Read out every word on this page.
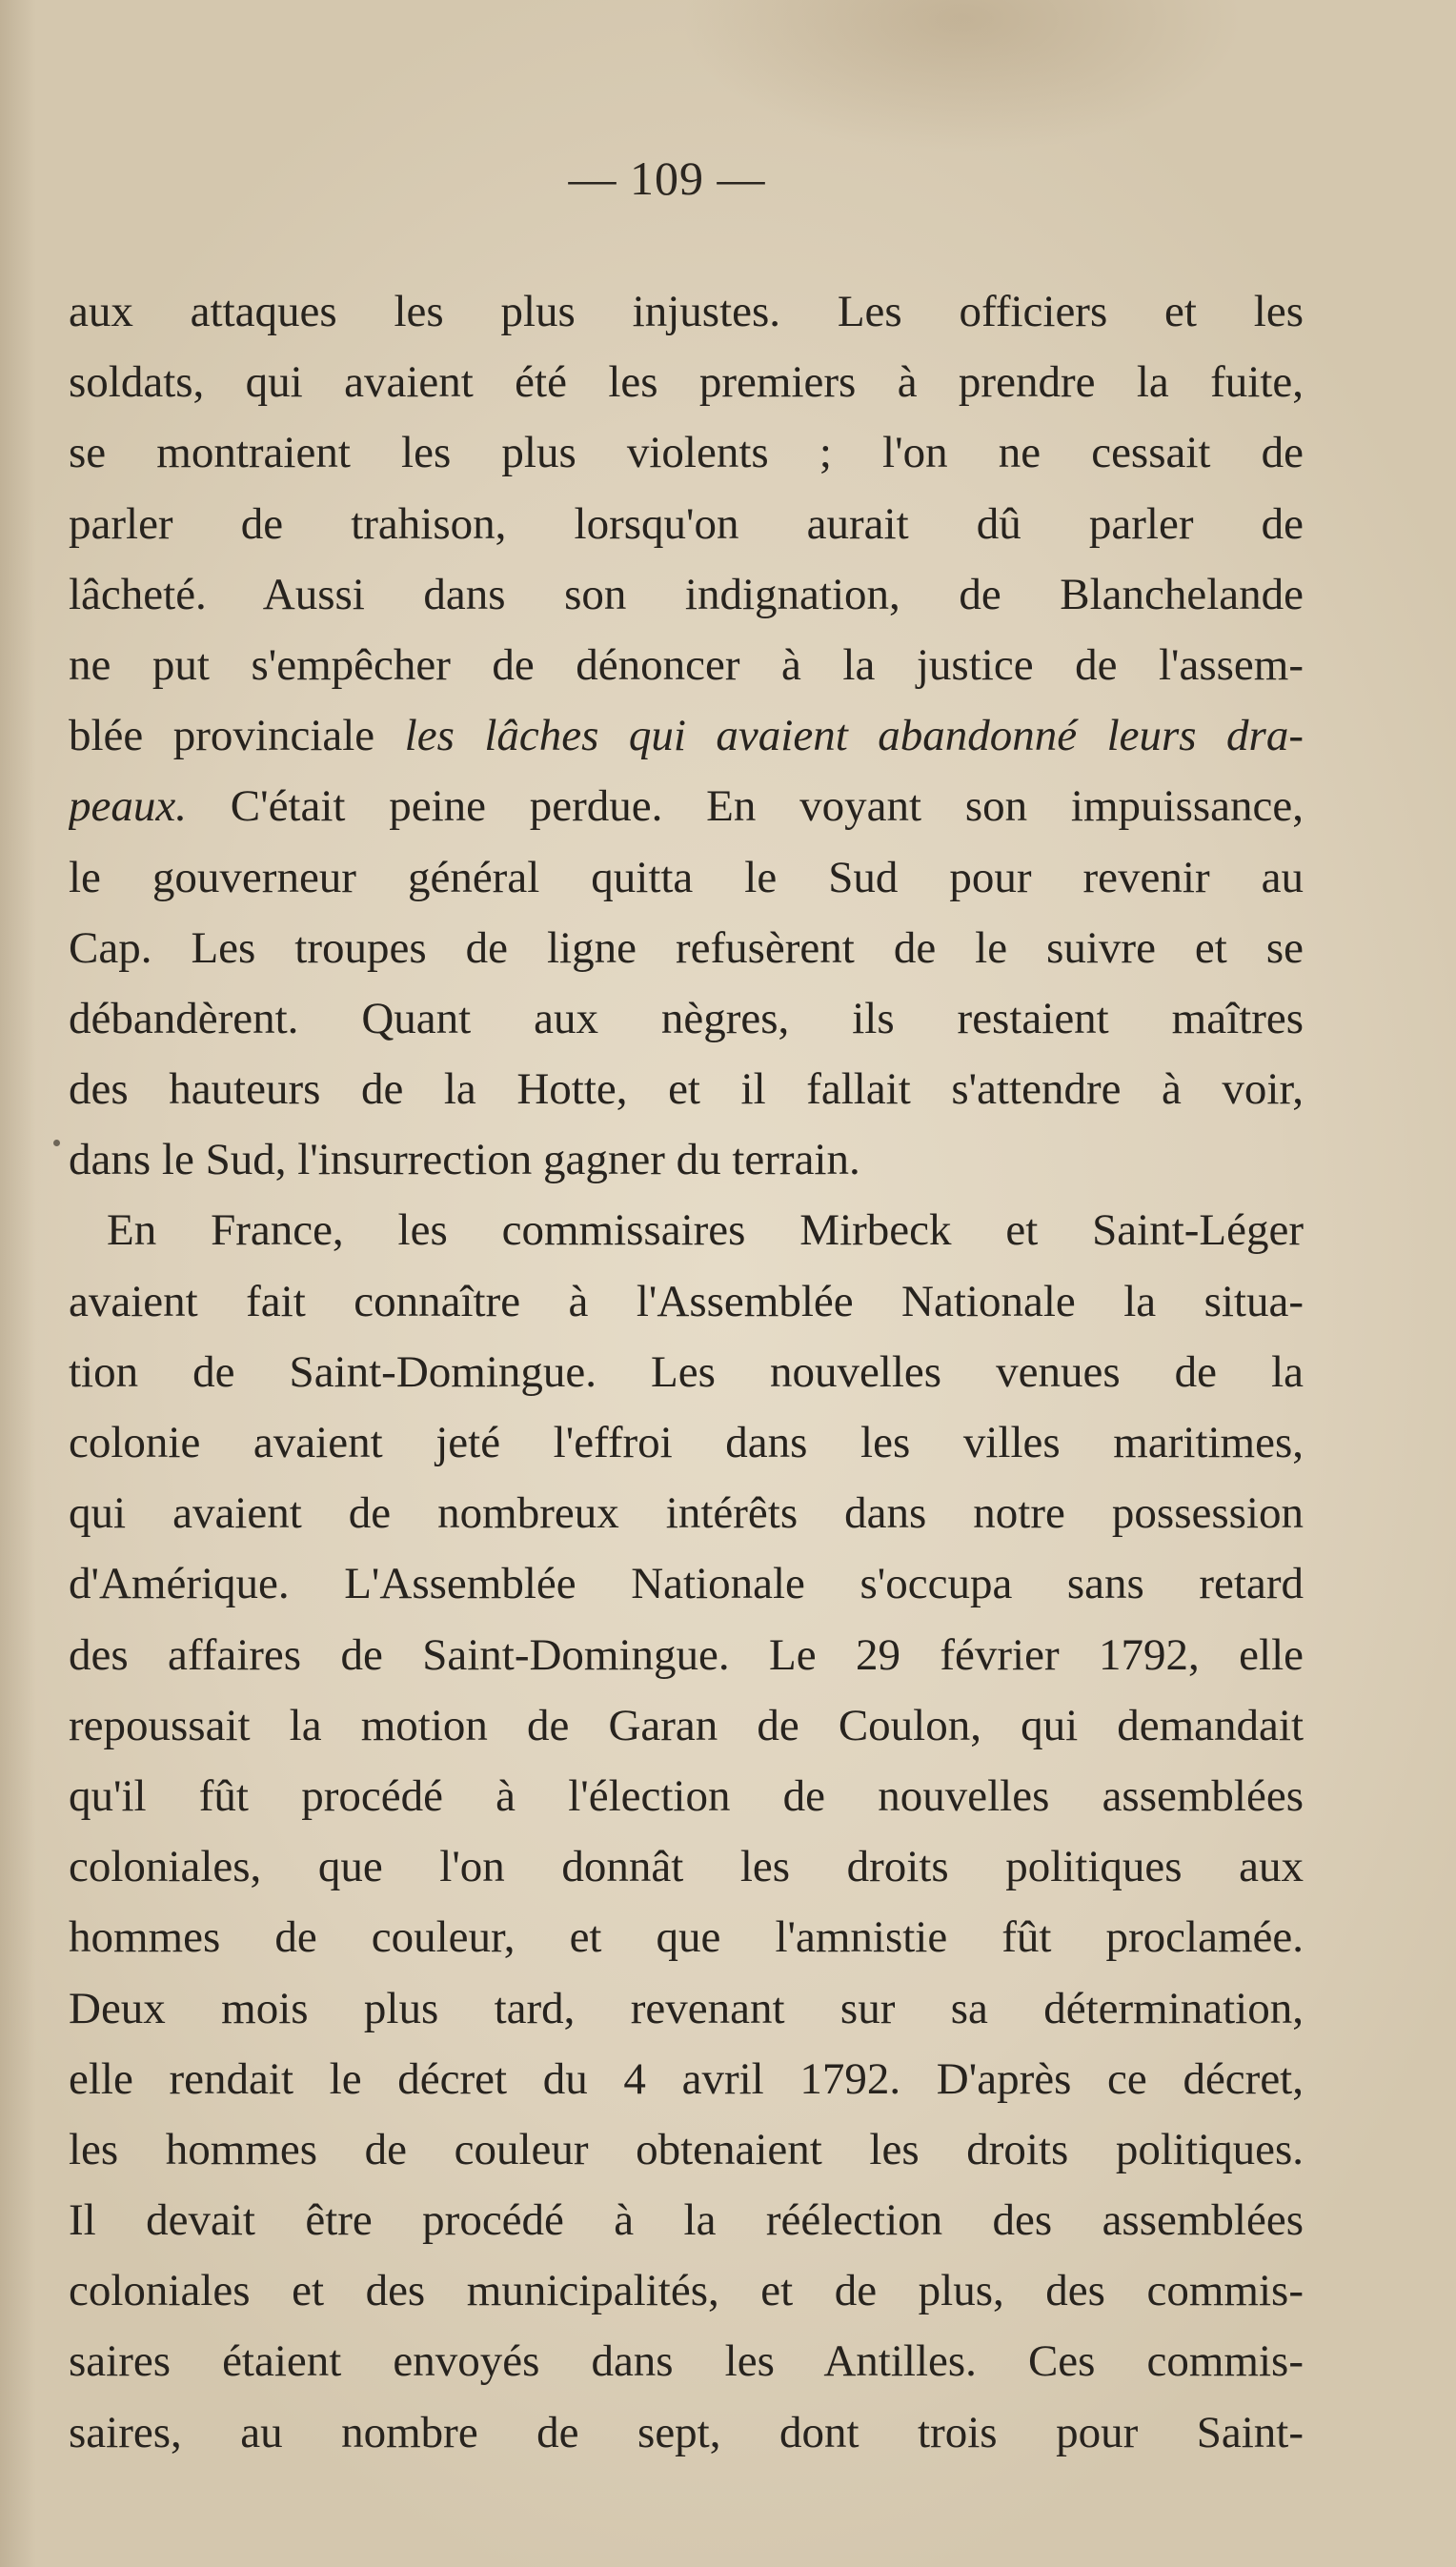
— 109 —
aux attaques les plus injustes. Les officiers et les
soldats, qui avaient été les premiers à prendre la fuite,
se montraient les plus violents ; l'on ne cessait de
parler de trahison, lorsqu'on aurait dû parler de
lâcheté. Aussi dans son indignation, de Blanchelande
ne put s'empêcher de dénoncer à la justice de l'assem-
blée provinciale les lâches qui avaient abandonné leurs dra-
peaux. C'était peine perdue. En voyant son impuissance,
le gouverneur général quitta le Sud pour revenir au
Cap. Les troupes de ligne refusèrent de le suivre et se
débandèrent. Quant aux nègres, ils restaient maîtres
des hauteurs de la Hotte, et il fallait s'attendre à voir,
dans le Sud, l'insurrection gagner du terrain.
En France, les commissaires Mirbeck et Saint-Léger
avaient fait connaître à l'Assemblée Nationale la situa-
tion de Saint-Domingue. Les nouvelles venues de la
colonie avaient jeté l'effroi dans les villes maritimes,
qui avaient de nombreux intérêts dans notre possession
d'Amérique. L'Assemblée Nationale s'occupa sans retard
des affaires de Saint-Domingue. Le 29 février 1792, elle
repoussait la motion de Garan de Coulon, qui demandait
qu'il fût procédé à l'élection de nouvelles assemblées
coloniales, que l'on donnât les droits politiques aux
hommes de couleur, et que l'amnistie fût proclamée.
Deux mois plus tard, revenant sur sa détermination,
elle rendait le décret du 4 avril 1792. D'après ce décret,
les hommes de couleur obtenaient les droits politiques.
Il devait être procédé à la réélection des assemblées
coloniales et des municipalités, et de plus, des commis-
saires étaient envoyés dans les Antilles. Ces commis-
saires, au nombre de sept, dont trois pour Saint-
